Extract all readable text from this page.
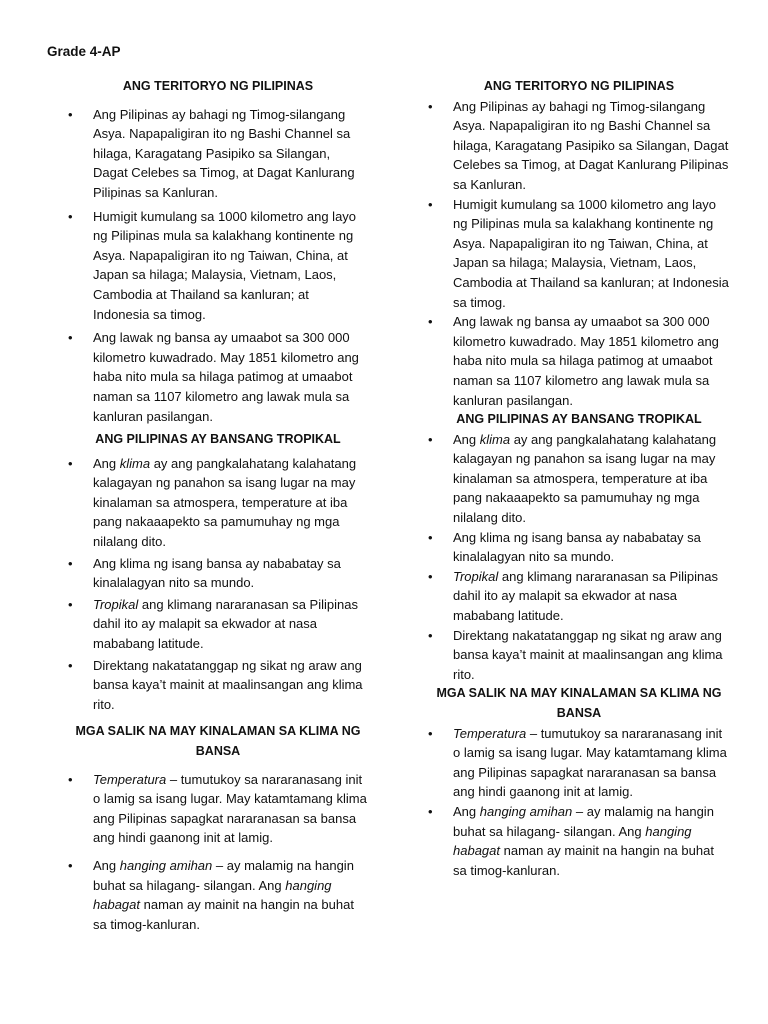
Grade 4-AP
ANG TERITORYO NG PILIPINAS
•	Ang Pilipinas ay bahagi ng Timog-silangang Asya. Napapaligiran ito ng Bashi Channel sa hilaga, Karagatang Pasipiko sa Silangan, Dagat Celebes sa Timog, at Dagat Kanlurang Pilipinas sa Kanluran.
•	Humigit kumulang sa 1000 kilometro ang layo ng Pilipinas mula sa kalakhang kontinente ng Asya. Napapaligiran ito ng Taiwan, China, at Japan sa hilaga; Malaysia, Vietnam, Laos, Cambodia at Thailand sa kanluran; at Indonesia sa timog.
•	Ang lawak ng bansa ay umaabot sa 300 000 kilometro kuwadrado. May 1851 kilometro ang haba nito mula sa hilaga patimog at umaabot naman sa 1107 kilometro ang lawak mula sa kanluran pasilangan.
ANG PILIPINAS AY BANSANG TROPIKAL
•	Ang klima ay ang pangkalahatang kalahatang kalagayan ng panahon sa isang lugar na may kinalaman sa atmospera, temperature at iba pang nakaaapekto sa pamumuhay ng mga nilalang dito.
•	Ang klima ng isang bansa ay nababatay sa kinalalagyan nito sa mundo.
•	Tropikal ang klimang nararanasan sa Pilipinas dahil ito ay malapit sa ekwador at nasa mababang latitude.
•	Direktang nakatatanggap ng sikat ng araw ang bansa kaya’t mainit at maalinsangan ang klima rito.
MGA SALIK NA MAY KINALAMAN SA KLIMA NG BANSA
•	Temperatura – tumutukoy sa nararanasang init o lamig sa isang lugar. May katamtamang klima ang Pilipinas sapagkat nararanasan sa bansa ang hindi gaanong init at lamig.
•	Ang hanging amihan – ay malamig na hangin buhat sa hilagang- silangan. Ang hanging habagat naman ay mainit na hangin na buhat sa timog-kanluran.
ANG TERITORYO NG PILIPINAS
•	Ang Pilipinas ay bahagi ng Timog-silangang Asya. Napapaligiran ito ng Bashi Channel sa hilaga, Karagatang Pasipiko sa Silangan, Dagat Celebes sa Timog, at Dagat Kanlurang Pilipinas sa Kanluran.
•	Humigit kumulang sa 1000 kilometro ang layo ng Pilipinas mula sa kalakhang kontinente ng Asya. Napapaligiran ito ng Taiwan, China, at Japan sa hilaga; Malaysia, Vietnam, Laos, Cambodia at Thailand sa kanluran; at Indonesia sa timog.
•	Ang lawak ng bansa ay umaabot sa 300 000 kilometro kuwadrado. May 1851 kilometro ang haba nito mula sa hilaga patimog at umaabot naman sa 1107 kilometro ang lawak mula sa kanluran pasilangan.
ANG PILIPINAS AY BANSANG TROPIKAL
•	Ang klima ay ang pangkalahatang kalahatang kalagayan ng panahon sa isang lugar na may kinalaman sa atmospera, temperature at iba pang nakaaapekto sa pamumuhay ng mga nilalang dito.
•	Ang klima ng isang bansa ay nababatay sa kinalalagyan nito sa mundo.
•	Tropikal ang klimang nararanasan sa Pilipinas dahil ito ay malapit sa ekwador at nasa mababang latitude.
•	Direktang nakatatanggap ng sikat ng araw ang bansa kaya’t mainit at maalinsangan ang klima rito.
MGA SALIK NA MAY KINALAMAN SA KLIMA NG BANSA
•	Temperatura – tumutukoy sa nararanasang init o lamig sa isang lugar. May katamtamang klima ang Pilipinas sapagkat nararanasan sa bansa ang hindi gaanong init at lamig.
•	Ang hanging amihan – ay malamig na hangin buhat sa hilagang- silangan. Ang hanging habagat naman ay mainit na hangin na buhat sa timog-kanluran.
